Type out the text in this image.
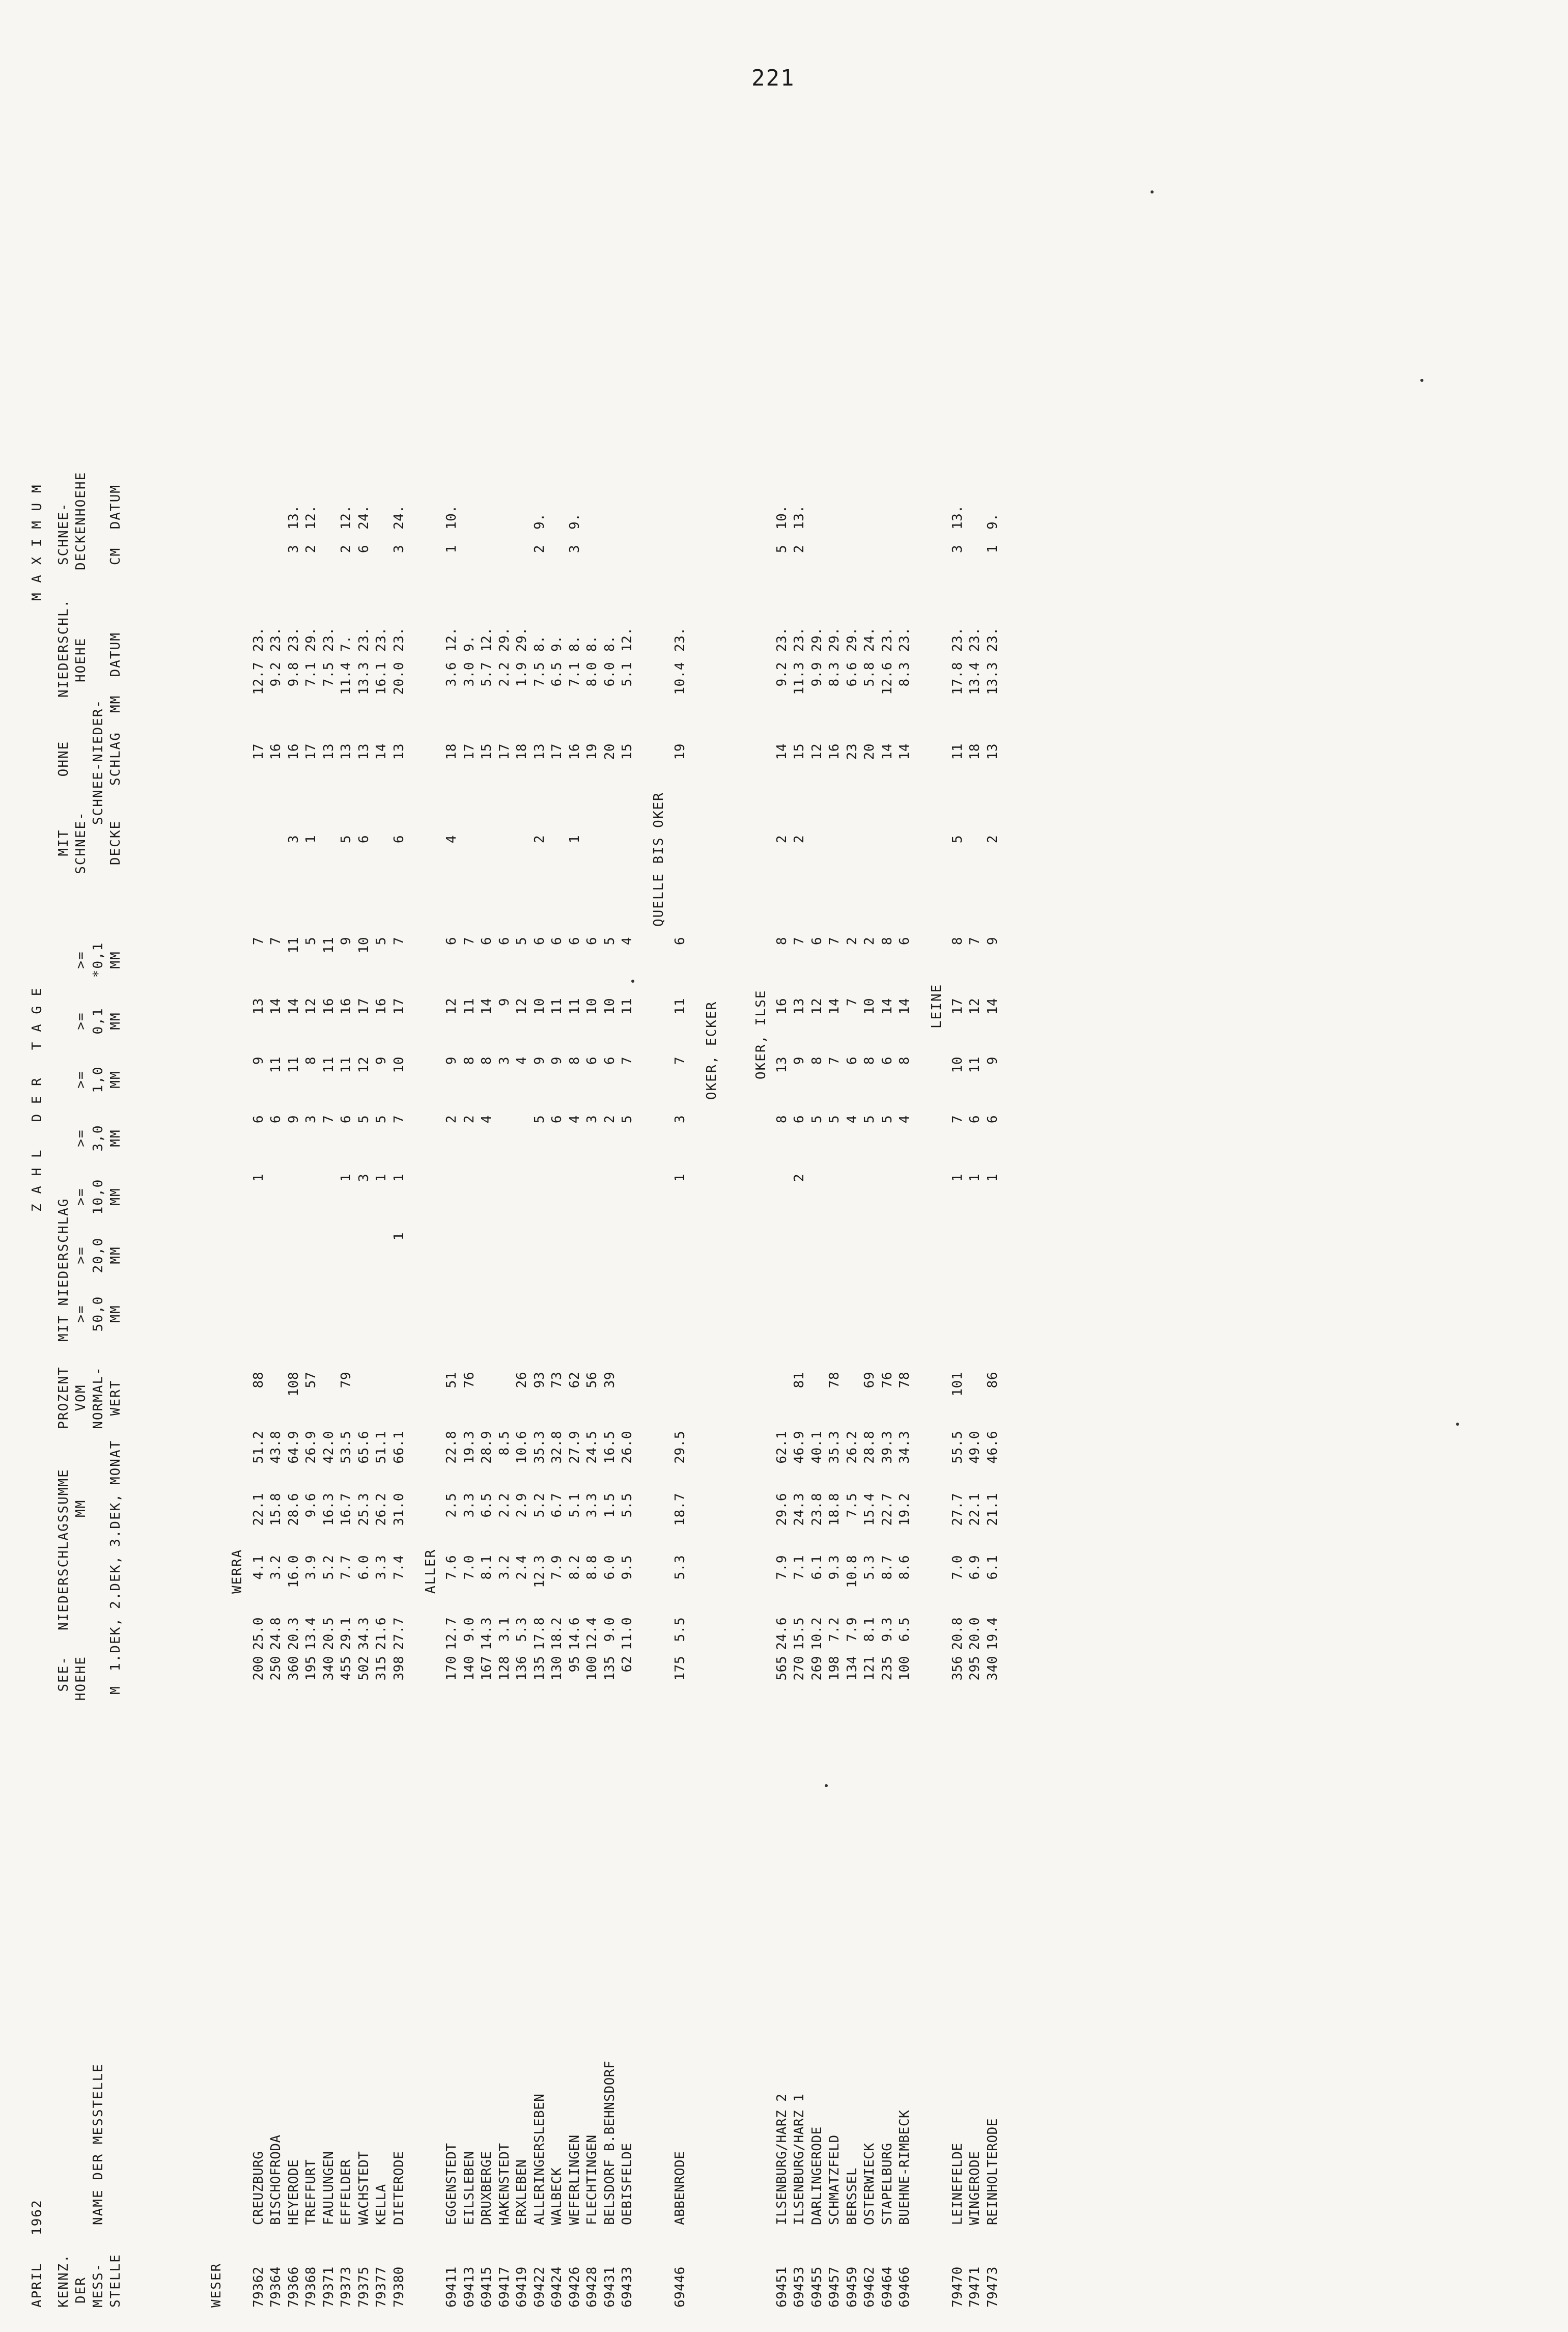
221
APRIL
1962
KENNZ. DER MESS- STELLE
NAME DER MESSTELLE
SEE- HOEHE M
NIEDERSCHLAGSSUMME MM
1.DEK,
2.DEK,
3.DEK,
MONAT
PROZENT VOM NORMAL- WERT
Z A H L   D E R   T A G E
MIT NIEDERSCHLAG >= 50,0 MM
>= 20,0 MM
>= 10,0 MM
>= 3,0 MM
>= 1,0 MM
>= 0,1 MM
>= *0,1 MM
MIT SCHNEE- DECKE
OHNE SCHNEE-NIEDER- SCHLAG
M A X I M U M
NIEDERSCHL. HOEHE MM  DATUM
SCHNEE- DECKENHOEHE CM  DATUM
WESER
WERRA
79362
CREUZBURG
200
25.0
4.1
22.1
51.2
88
1
6
9
13
7
17
12.7
23.
79364
BISCHOFRODA
250
24.8
3.2
15.8
43.8
6
11
14
7
16
9.2
23.
79366
HEYERODE
360
20.3
16.0
28.6
64.9
108
9
11
14
11
3
16
9.8
23.
3
13.
79368
TREFFURT
195
13.4
3.9
9.6
26.9
57
3
8
12
5
1
17
7.1
29.
2
12.
79371
FAULUNGEN
340
20.5
5.2
16.3
42.0
7
11
16
11
13
7.5
23.
79373
EFFELDER
455
29.1
7.7
16.7
53.5
79
1
6
11
16
9
5
13
11.4
7.
2
12.
79375
WACHSTEDT
502
34.3
6.0
25.3
65.6
3
5
12
17
10
6
13
13.3
23.
6
24.
79377
KELLA
315
21.6
3.3
26.2
51.1
1
5
9
16
5
14
16.1
23.
79380
DIETERODE
398
27.7
7.4
31.0
66.1
1
1
7
10
17
7
6
13
20.0
23.
3
24.
ALLER
69411
EGGENSTEDT
170
12.7
7.6
2.5
22.8
51
2
9
12
6
4
18
3.6
12.
1
10.
69413
EILSLEBEN
140
9.0
7.0
3.3
19.3
76
2
8
11
7
17
3.0
9.
69415
DRUXBERGE
167
14.3
8.1
6.5
28.9
4
8
14
6
15
5.7
12.
69417
HAKENSTEDT
128
3.1
3.2
2.2
8.5
3
9
6
17
2.2
29.
69419
ERXLEBEN
136
5.3
2.4
2.9
10.6
26
4
12
5
18
1.9
29.
69422
ALLERINGERSLEBEN
135
17.8
12.3
5.2
35.3
93
5
9
10
6
2
13
7.5
8.
2
9.
69424
WALBECK
130
18.2
7.9
6.7
32.8
73
6
9
11
6
17
6.5
9.
69426
WEFERLINGEN
95
14.6
8.2
5.1
27.9
62
4
8
11
6
1
16
7.1
8.
3
9.
69428
FLECHTINGEN
100
12.4
8.8
3.3
24.5
56
3
6
10
6
19
8.0
8.
69431
BELSDORF B.BEHNSDORF
135
9.0
6.0
1.5
16.5
39
2
6
10
5
20
6.0
8.
69433
OEBISFELDE
62
11.0
9.5
5.5
26.0
5
7
11
4
15
5.1
12.
QUELLE BIS OKER
69446
ABBENRODE
175
5.5
5.3
18.7
29.5
1
3
7
11
6
19
10.4
23.
OKER, ECKER	OKER, ILSE
69451
ILSENBURG/HARZ 2
565
24.6
7.9
29.6
62.1
8
13
16
8
2
14
9.2
23.
5
10.
69453
ILSENBURG/HARZ 1
270
15.5
7.1
24.3
46.9
81
2
6
9
13
7
2
15
11.3
23.
2
13.
69455
DARLINGERODE
269
10.2
6.1
23.8
40.1
5
8
12
6
12
9.9
29.
69457
SCHMATZFELD
198
7.2
9.3
18.8
35.3
78
5
7
14
7
16
8.3
29.
69459
BERSSEL
134
7.9
10.8
7.5
26.2
4
6
7
2
23
6.6
29.
69462
OSTERWIECK
121
8.1
5.3
15.4
28.8
69
5
8
10
2
20
5.8
24.
69464
STAPELBURG
235
9.3
8.7
22.7
39.3
76
5
6
14
8
14
12.6
23.
69466
BUEHNE-RIMBECK
100
6.5
8.6
19.2
34.3
78
4
8
14
6
14
8.3
23.
LEINE
79470
LEINEFELDE
356
20.8
7.0
27.7
55.5
101
1
7
10
17
8
5
11
17.8
23.
3
13.
79471
WINGERODE
295
20.0
6.9
22.1
49.0
1
6
11
12
7
18
13.4
23.
79473
REINHOLTERODE
340
19.4
6.1
21.1
46.6
86
1
6
9
14
9
2
13
13.3
23.
1
9.
